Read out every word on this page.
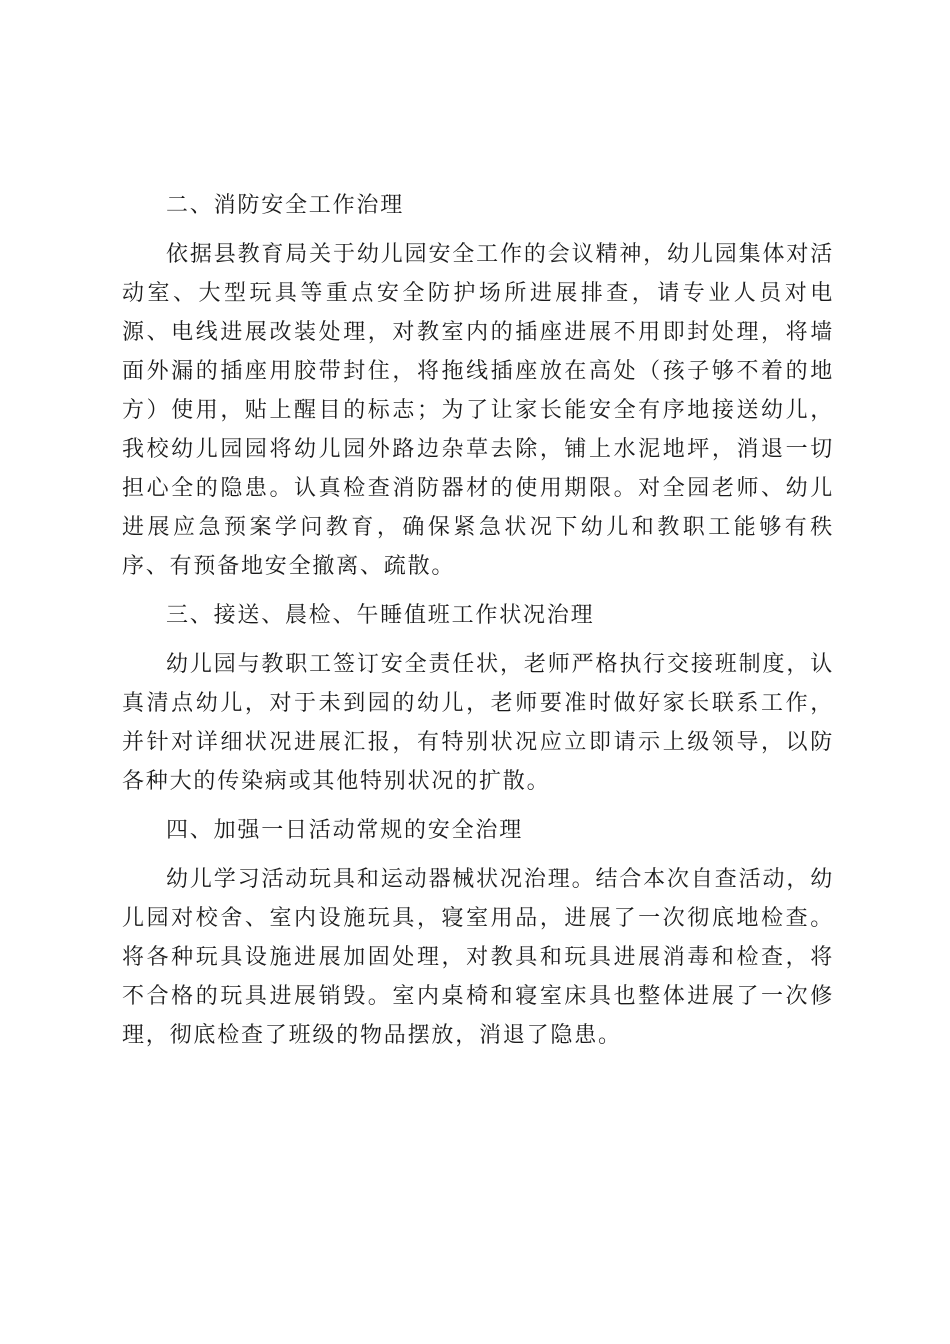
二、消防安全工作治理

依据县教育局关于幼儿园安全工作的会议精神，幼儿园集体对活动室、大型玩具等重点安全防护场所进展排查，请专业人员对电源、电线进展改装处理，对教室内的插座进展不用即封处理，将墙面外漏的插座用胶带封住，将拖线插座放在高处（孩子够不着的地方）使用，贴上醒目的标志；为了让家长能安全有序地接送幼儿，我校幼儿园园将幼儿园外路边杂草去除，铺上水泥地坪，消退一切担心全的隐患。认真检查消防器材的使用期限。对全园老师、幼儿进展应急预案学问教育，确保紧急状况下幼儿和教职工能够有秩序、有预备地安全撤离、疏散。

三、接送、晨检、午睡值班工作状况治理

幼儿园与教职工签订安全责任状，老师严格执行交接班制度，认真清点幼儿，对于未到园的幼儿，老师要准时做好家长联系工作，并针对详细状况进展汇报，有特别状况应立即请示上级领导，以防各种大的传染病或其他特别状况的扩散。

四、加强一日活动常规的安全治理

幼儿学习活动玩具和运动器械状况治理。结合本次自查活动，幼儿园对校舍、室内设施玩具，寝室用品，进展了一次彻底地检查。将各种玩具设施进展加固处理，对教具和玩具进展消毒和检查，将不合格的玩具进展销毁。室内桌椅和寝室床具也整体进展了一次修理，彻底检查了班级的物品摆放，消退了隐患。
